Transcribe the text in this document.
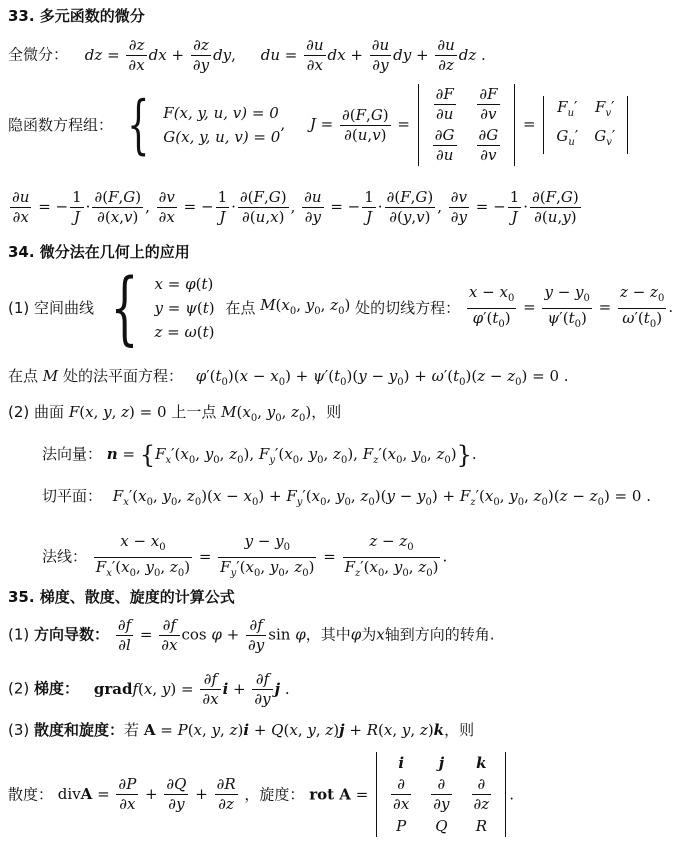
33. 多元函数的微分
全微分： dz = $\frac{\partial z}{\partial x}$ dx + $\frac{\partial z}{\partial y}$ dy, du = $\frac{\partial u}{\partial x}$ dx + $\frac{\partial u}{\partial y}$ dy + $\frac{\partial u}{\partial z}$ dz .
隐函数方程组： { F(x, y, u, v) = 0
G(x, y, u, v) = 0, $J = \frac{\partial(F,G)}{\partial(u,v)} = \frac{\partial F}{\partial u}$	$\frac{\partial F}{\partial v}$

$\frac{\partial G}{\partial u}$	$\frac{\partial G}{\partial v}$
=
$F_u'$	$F_v'$
$G_u'$	$G_v'$
$\frac{\partial u}{\partial x}$ = − $\frac{1}{J} \cdot \frac{\partial(F,G)}{\partial(x,v)}$ , $\frac{\partial v}{\partial x}$ = − $\frac{1}{J} \cdot \frac{\partial(F,G)}{\partial(u,x)}$ , $\frac{\partial u}{\partial y}$ = − $\frac{1}{J} \cdot \frac{\partial(F,G)}{\partial(y,v)}$ , $\frac{\partial v}{\partial y}$ = − $\frac{1}{J} \cdot \frac{\partial(F,G)}{\partial(u,y)}$
34. 微分法在几何上的应用
(1) 空间曲线 { x = φ(t)
y = ψ(t)
z = ω(t) 在点 $M(x_0$, $y_0$, $z_0$) 处的切线方程： $\frac{x - x_0}{\varphi'(t_0)} = \frac{y - y_0}{\psi'(t_0)} = \frac{z - z_0}{\omega'(t_0)}$ .
在点 M 处的法平面方程： $\varphi'(t_0)(x - x_0) + \psi'(t_0)(y - y_0) + \omega'(t_0)(z - z_0) = 0$ .
(2) 曲面 F(x, y, z) = 0 上一点 $M(x_0$, $y_0$, $z_0$)，则
法向量： $n = \{F_x'(x_0$, $y_0$, $z_0$), $F_y'(x_0$, $y_0$, $z_0$), $F_z'(x_0$, $y_0$, $z_0$)}.
切平面： $F_x'(x_0$, $y_0$, $z_0)(x - x_0) + F_y'(x_0$, $y_0$, $z_0)(y - y_0) + F_z'(x_0$, $y_0$, $z_0)(z - z_0) = 0$ .
法线： $\frac{x - x_0}{F_x'(x_0, y_0, z_0)} = \frac{y - y_0}{F_y'(x_0, y_0, z_0)} = \frac{z - z_0}{F_z'(x_0, y_0, z_0)}$ .
35. 梯度、散度、旋度的计算公式
(1) 方向导数： $\frac{\partial f}{\partial l} = \frac{\partial f}{\partial x}$ $\cos \varphi + \frac{\partial f}{\partial y}$ sin φ，其中φ为x轴到方向的转角.
(2) 梯度： gradf(x, $y) = \frac{\partial f}{\partial x}$ $i + \frac{\partial f}{\partial y}$ j .
(3) 散度和旋度：若 A = P(x, y, z)i + Q(x, y, z)j + R(x, y, z)k，则
散度： divA = $\frac{\partial P}{\partial x} + \frac{\partial Q}{\partial y} + \frac{\partial R}{\partial z}$ ，旋度： rot A =
i	j	k

$\frac{\partial}{\partial x}$	$\frac{\partial}{\partial y}$	$\frac{\partial}{\partial z}$

P	Q	R
.
